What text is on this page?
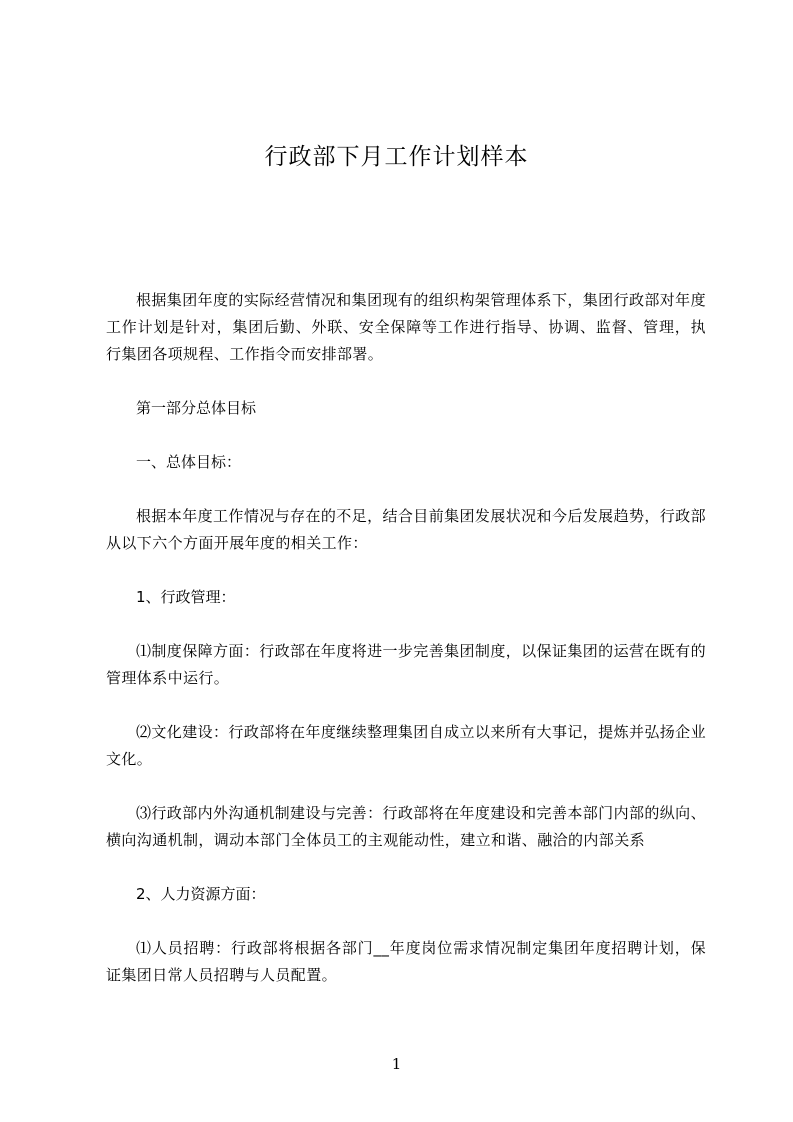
行政部下月工作计划样本

根据集团年度的实际经营情况和集团现有的组织构架管理体系下，集团行政部对年度工作计划是针对，集团后勤、外联、安全保障等工作进行指导、协调、监督、管理，执行集团各项规程、工作指令而安排部署。

第一部分总体目标

一、总体目标：

根据本年度工作情况与存在的不足，结合目前集团发展状况和今后发展趋势，行政部从以下六个方面开展年度的相关工作：

1、行政管理：

⑴制度保障方面：行政部在年度将进一步完善集团制度，以保证集团的运营在既有的管理体系中运行。

⑵文化建设：行政部将在年度继续整理集团自成立以来所有大事记，提炼并弘扬企业文化。

⑶行政部内外沟通机制建设与完善：行政部将在年度建设和完善本部门内部的纵向、横向沟通机制，调动本部门全体员工的主观能动性，建立和谐、融洽的内部关系

2、人力资源方面：

⑴人员招聘：行政部将根据各部门__年度岗位需求情况制定集团年度招聘计划，保证集团日常人员招聘与人员配置。

1
